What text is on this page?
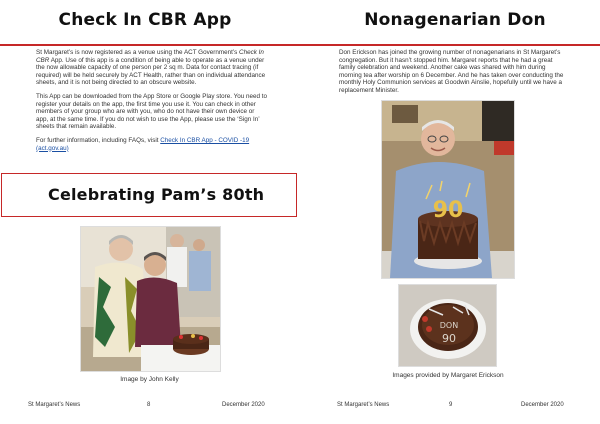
Check In CBR App

St Margaret’s is now registered as a venue using the ACT Government’s Check In CBR App. Use of this app is a condition of being able to operate as a venue under the now allowable capacity of one person per 2 sq m. Data for contact tracing (if required) will be held securely by ACT Health, rather than on individual attendance sheets, and it is not being directed to an obscure website.

This App can be downloaded from the App Store or Google Play store. You need to register your details on the app, the first time you use it. You can check in other members of your group who are with you, who do not have their own device or app, at the same time. If you do not wish to use the App, please use the ‘Sign In’ sheets that remain available.

For further information, including FAQs, visit Check In CBR App - COVID -19 (act.gov.au)

Celebrating Pam’s 80th
Image by John Kelly
St Margaret’s News	8	December 2020
Nonagenarian Don

Don Erickson has joined the growing number of nonagenarians in St Margaret’s congregation. But it hasn’t stopped him. Margaret reports that he had a great family celebration and weekend. Another cake was shared with him during morning tea after worship on 6 December. And he has taken over conducting the monthly Holy Communion services at Goodwin Ainslie, hopefully until we have a replacement Minister.

90
DON
90
Images provided by Margaret Erickson
St Margaret’s News	9	December 2020
